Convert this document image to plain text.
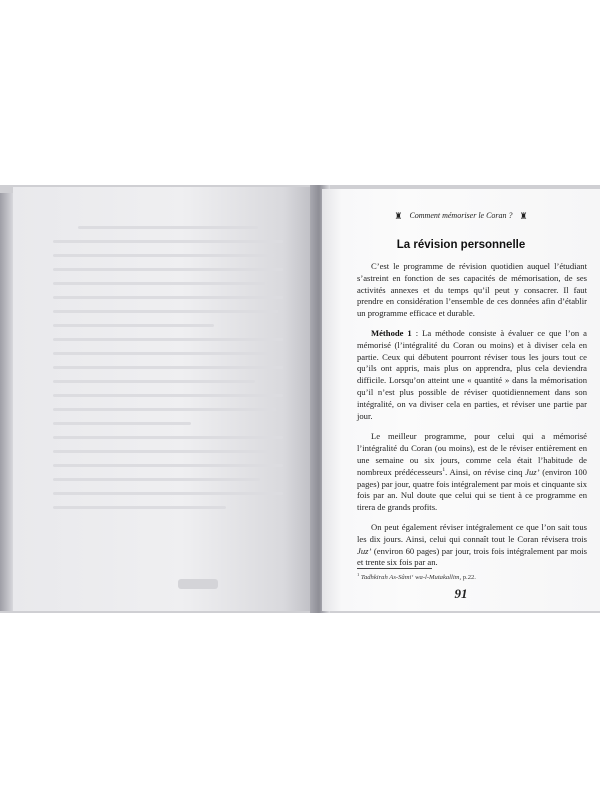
♜ Comment mémoriser le Coran ? ♜
La révision personnelle

C’est le programme de révision quotidien auquel l’étudiant s’astreint en fonction de ses capacités de mémorisation, de ses activités annexes et du temps qu’il peut y consacrer. Il faut prendre en considération l’ensemble de ces données afin d’établir un programme efficace et durable.

Méthode 1 : La méthode consiste à évaluer ce que l’on a mémorisé (l’intégralité du Coran ou moins) et à diviser cela en partie. Ceux qui débutent pourront réviser tous les jours tout ce qu’ils ont appris, mais plus on apprendra, plus cela deviendra difficile. Lorsqu’on atteint une « quantité » dans la mémorisation qu’il n’est plus possible de réviser quotidiennement dans son intégralité, on va diviser cela en parties, et réviser une partie par jour.

Le meilleur programme, pour celui qui a mémorisé l’intégralité du Coran (ou moins), est de le réviser entièrement en une semaine ou six jours, comme cela était l’habitude de nombreux prédécesseurs$^1$. Ainsi, on révise cinq Juz’ (environ 100 pages) par jour, quatre fois intégralement par mois et cinquante six fois par an. Nul doute que celui qui se tient à ce programme en tirera de grands profits.

On peut également réviser intégralement ce que l’on sait tous les dix jours. Ainsi, celui qui connaît tout le Coran révisera trois Juz’ (environ 60 pages) par jour, trois fois intégralement par mois et trente six fois par an.

$^1$ Tadhkirah As-Sâmi‘ wa-l-Mutakallim, p.22.
91
